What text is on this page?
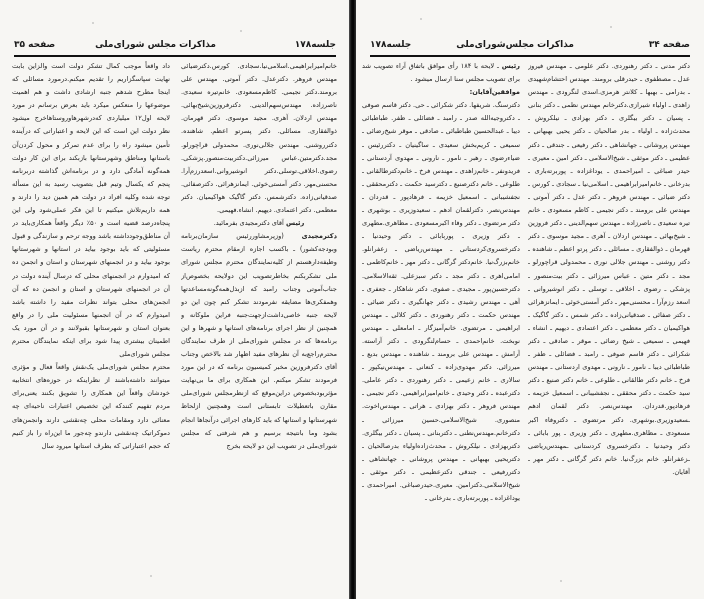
جلسه۱۷۸
مذاکرات مجلس شورای‌ملی
صفحه ۳۵

خانم‌امیرابراهیمی.اسلامی‌نیا.سجادی. کورس.دکترضیائی مهندس فروهر. دکترعدل. دکتر آموتی. مهندس علی برومند.دکتر نجیمی. کاظم‌مسعودی. خانم‌تیره سعیدی. ناصرزاده. مهندس‌سهم‌الدینی. دکترفروزین‌شیخ‌بهائی. مهندس اردلان. آهری. مجید موسوی. دکتر قهرمان. ذوالفقاری. مسائلی. دکتر پسرتو اعظم. شاهنده. دکترروشنی. مهندس جلالی‌نوری. محمدولی قراچورلو. مجد.دکترمتین.عباس میرزائی.دکتربیت‌منصور.پزشکی. رضوی.اخلاقی.توسلی.دکتر انوشیروانی.اسعدرزم‌آرا. محسنی‌مهر. دکتر آمستی‌خوئی. ایمانزهرائی. دکترصفائی. صدقیانی‌زاده. دکترشمس. دکتر گاگیک هواکیمیان. دکتر معظمی. دکتر اعتمادی. دیهیم. انشاء.فهیمی.

رئیس آقای دکترمجیدی بفرمائید.

دکترمجیدی (وزیرمشاوررئیس سازمان‌برنامه وبودجه‌کشور) ـ باکسب اجازه ازمقام محترم ریاست وظیفه‌دارهستم از کلیه‌نمایندگان محترم مجلس شورای ملی تشکربکنم بخاطرتصویب این دولایحه بخصوص‌از جناب‌آموتی وجناب رامبد که از‌بذل‌همه‌گونه‌مساعدتها وهمفکری‌ها مضایقه نفرمودند تشکر کنم چون این دو لایحه جنبه خاصی‌داشت‌ازجهت‌جنبه فراین ملوکانه و همچنین از نظر اجرای برنامه‌های استانها و شهرها و این برنامه‌ها که در مجلس شورای‌ملی از طرف نمایندگان محترم‌راجع‌به آن نظرهای مفید اظهار شد بالاخص وجناب آقای دکترفروزین مخبر کمیسیون برنامه که در این مورد فرمودند تشکر میکنم. این همکاری برای ما بی‌نهایت مؤثربودبخصوص دراین‌موقع که ازنظرمجلس شورای‌ملی مقارن باتعطیلات تابستانی است وهمچنین ازلحاظ شهرستانها و استانها که باید کارهای اجرائی درآنجاها انجام بشود وما بانتیجه برسیم و هم شرفتی که مجلس شورای‌ملی در تصویب این دو لایحه بخرج

داد واقعاً موجب کمال تشکر دولت است والزاین بابت نهایت سپاسگزاریم را تقدیم میکنم.درمورد مسائلی که اینجا مطرح شدهم جنبه ارشادی داشت و هم اهمیت موضوعها را منعکس میکرد باید بعرض برسانم در مورد لایحه اول۱۲ میلیاردی که‌درشهرهاوروستاهاخرج میشود نظر دولت این است که این لایحه و اعتباراتی که درآینده تأمین میشود راه را برای عدم تمرکز و محول کردن‌آن باستانها ومناطق وشهرستانها بازبکند برای این کار دولت همه‌گونه آمادگی دارد و در برنامه‌اش گذاشته دربرنامه پنجم که یکسال وتیم قبل بتصویب رسید به این مسأله توجه شده وکلیه افراد در دولت هم همین دید را دارند و همه داریم‌تلاش میکنیم تا این فکر عملی‌شود ولی این پنجاه‌درصد قضیه است و ۵۰٪ دیگر واقعاً همکاری‌باید در آن مناطق‌وجودداشته باشد ووجه ترحم و سازندگی و قبول مسئولیتی که باید بوجود بیاید در استانها و شهرستانها بوجود بیاید و در انجمنهای شهرستان و استان و انجمن ده که امیدوارم در انجمنهای محلی که درسال آینده دولت در آن در انجمنهای شهرستان و استان و انجمن ده که آن انجمن‌های محلی بتواند نظرات مفید را داشته باشد امیدوارم که در آن انجمنها مسئولیت ملی را در واقع بعنوان استان و شهرستانها بقبولانند و در آن مورد یک اطمینان بیشتری پیدا شود برای اینکه نمایندگان محترم مجلس شورای‌ملی

محترم مجلس شورای‌ملی یک‌نقش واقعاً فعال و مؤثری میتوانند داشته‌باشند از نظراینکه در حوزه‌های انتخابیه خودشان واقعاً این همکاری را تشویق بکنند یعنی‌برای مردم تفهیم کنندکه این تخصیص اعتبارات ناحیه‌ای چه معنائی دارد ومقامات محلی چه‌نقشی دارند وانجمن‌های دموکراتیک چه‌نقشی دارند‌و چه‌جور ما این‌راه را باز کنیم که حجم اعتباراتی که بطرف استانها میرود سال

صفحه ۳۴
مذاکرات مجلس‌شورای‌ملی
جلسه۱۷۸

دکتر مدنی ـ دکتر رهنوردی. دکتر علومی ـ مهندس فیروز عدل ـ مصطفوی ـ حیدرقلی برومند. مهندس احتشام‌شهیدی ـ بدرامی ـ بهبها ـ کلانتر هرمزی.اسدی لنگرودی ـ مهندس زاهدی ـ اولیاء شیرازی.دکترخانم مهندس نظمی ـ دکتر بنانی ـ پسیان ـ دکتر بیگلری ـ دکتر بهزادی ـ نیلکروش ـ محدث‌زاده ـ اولیاء ـ بدر صالحیان ـ دکتر یحیی بهبهانی ـ مهندس پروشانی ـ جهانشاهی ـ دکتر رفیعی ـ جندقی ـ دکتر عظیمی ـ دکتر موثقی ـ شیخ‌الاسلامی ـ دکتر امین ـ معیری ـ حیدر صباغی ـ امیراحمدی ـ یوداغزاده ـ پوربرته‌باری ـ بدرخانی ـ خانم‌امیرابراهیمی ـ اسلامی‌نیا ـ سجادی ـ کورس ـ دکتر ضیائی ـ مهندس فروهر ـ دکتر عدل ـ دکتر آموتی ـ مهندس علی برومند ـ دکتر نجیمی ـ کاظم مسعودی ـ خانم تیره سعیدی ـ ناصرزاده ـ مهندس سهم‌الدینی ـ دکتر فروزین ـ شیخ‌بهائی ـ مهندس اردلان ـ آهری ـ مجید موسوی ـ دکتر قهرمان ـ ذوالفقاری ـ مسائلی ـ دکتر پرتو اعظم ـ شاهنده ـ دکتر روشنی ـ مهندس جلالی نوری ـ محمدولی قراچورلو ـ مجد ـ دکتر متین ـ عباس میرزائی ـ دکتر بیت‌منصور ـ پزشکی ـ رضوی ـ اخلاقی ـ توسلی ـ دکتر انوشیروانی ـ اسعد رزم‌آرا ـ محسنی‌مهر ـ دکتر آمستی‌خوئی ـ ایمانزهرائی ـ دکتر صفائی ـ صدقیانی‌زاده ـ دکتر شمس ـ دکتر گاگیک ـ هواکیمیان ـ دکتر معظمی ـ دکتر اعتمادی ـ دیهیم ـ انشاء ـ فهیمی ـ سمیعی ـ شیخ رضائی ـ موقر ـ صادقی ـ دکتر شکرائی ـ دکتر قاسم صوفی ـ رامبد ـ فضائلی ـ ظفر ـ طباطبائی دیبا ـ نامور ـ نارونی ـ مهدوی اردستانی ـ مهندس فرخ ـ خانم دکتر طالقانی ـ طلوعی ـ خانم دکتر صنیع ـ دکتر سید حکمت ـ دکتر محققی ـ نجفشیبانی ـ اسمعیل خزیمه ـ فرهادپور.قدردان. مهندس‌نصر. دکتر لقمان ادهم ـسعیدوزیری.بوشهری. دکتر مرتضوی ـ دکتروفاء اکبر مسعودی ـ مظاهری.مطهری ـ دکتر وزیری ـ پور بابائی ـ دکتر وحیدنیا ـ دکترخسروی کردستانی ـمهندس‌ریاضی ـزعفرانلو. خانم بزرگ‌نیا. خانم دکتر گرگانی ـ دکتر مهر ـ آقایان.

رئیس ـ لایحه با ۱۸۴ رأی موافق باتفاق آراء تصویب شد برای تصویب مجلس سنا ارسال میشود .

موافقین‌آقایان:

دکترسنگ. شریفها. دکتر شکرائی ـ حی. دکتر قاسم صوفی ـ دکتروجیه‌الله صدر ـ رامبد ـ فضائلی ـ ظفر. طباطبائی دیبا ـ عبدالحسین طباطبائی ـ صادقی ـ موقر شیخ‌رضائی ـ سمیعی ـ کریم‌بخش سعیدی ـ ساگینیان ـ دکتررئیس ـ ضیاءرضوی ـ رهبر ـ نامور ـ نارونی ـ مهدوی آردستانی ـ فریدونفر ـ خانم‌زاهدی ـ مهندس فرخ ـ خانم‌دکترطالقانی ـ طلوعی ـ خانم دکترصنیع ـ دکترسید حکمت ـ دکترمحققی ـ نجفشیبانی ـ اسمعیل خزیمه ـ فرهادپور ـ قدردان ـ مهندس‌نصر. دکترلقمان ادهم ـ سعیدوزیری ـ بوشهری ـ دکتر مرتضوی ـ دکتر وفاء اکبرمسعودی ـ مظاهری.مطهری ـ دکتر وزیری ـ پوربابائی ـ دکتر وحیدنیا ـ دکترخسروی‌کردستانی ـ مهندس‌ریاضی ـ زعفرانلو. خانم‌بزرگ‌نیا. خانم‌دکتر گرگانی ـ دکتر مهر ـ خانم‌کاظمی ـ امامی‌اهری ـ دکتر مجد ـ دکتر سبزعلی. ثقه‌الاسلامی. دکترحسین‌پور ـ مجیدی ـ صفوی. دکتر شاهکار ـ جعفری ـ آهی ـ مهندس رشیدی ـ دکتر جهانگیری ـ دکتر ضیائی ـ مهندس حکمت ـ دکتر رهنوردی ـ دکتر کلالی ـ مهندس ابراهیمی ـ مرتضوی. خانم‌آمیزگار ـ امامعلی ـ مهندس نوبخت. خانم‌احمدی ـ حسام‌لنگرودی ـ دکتر آراسته. آرامش ـ مهندس علی برومند ـ شاهنده ـ مهندس بدیع ـ میرزائی. دکتر مهدوی‌زاده ـ کنعانی ـ مهندس‌نیکپور ـ سالاری ـ خانم زعیمی ـ دکتر رهنوردی ـ دکتر عاملی. دکترعبده ـ دکتر وحیدی ـ خانم‌امیرابراهیمی. دکتر نجیمی ـ مهندس فروهر ـ دکتر بهزادی ـ هراتی ـ مهندس‌اخوت. منصوری. شیخ‌الاسلامی.حسین میرزائی ـ دکترخانم.مهندس‌نطنی ـ دکتربنانی ـ پسیان ـ دکتر بیگلری. دکتربهزادی ـ نیلکروش ـ محدث‌زاده‌اولیاء بدرصالحیان ـ دکتریحیی بهبهانی ـ مهندس پروشانی ـ جهانشاهی ـ دکتررفیعی ـ جندقی دکترعظیمی ـ دکتر موثقی ـ شیخ‌الاسلامی.دکترامین. معیری.حیدرصباغی. امیراحمدی ـ یوداغزاده ـ پوربرته‌باری ـ بدرخانی ـ
